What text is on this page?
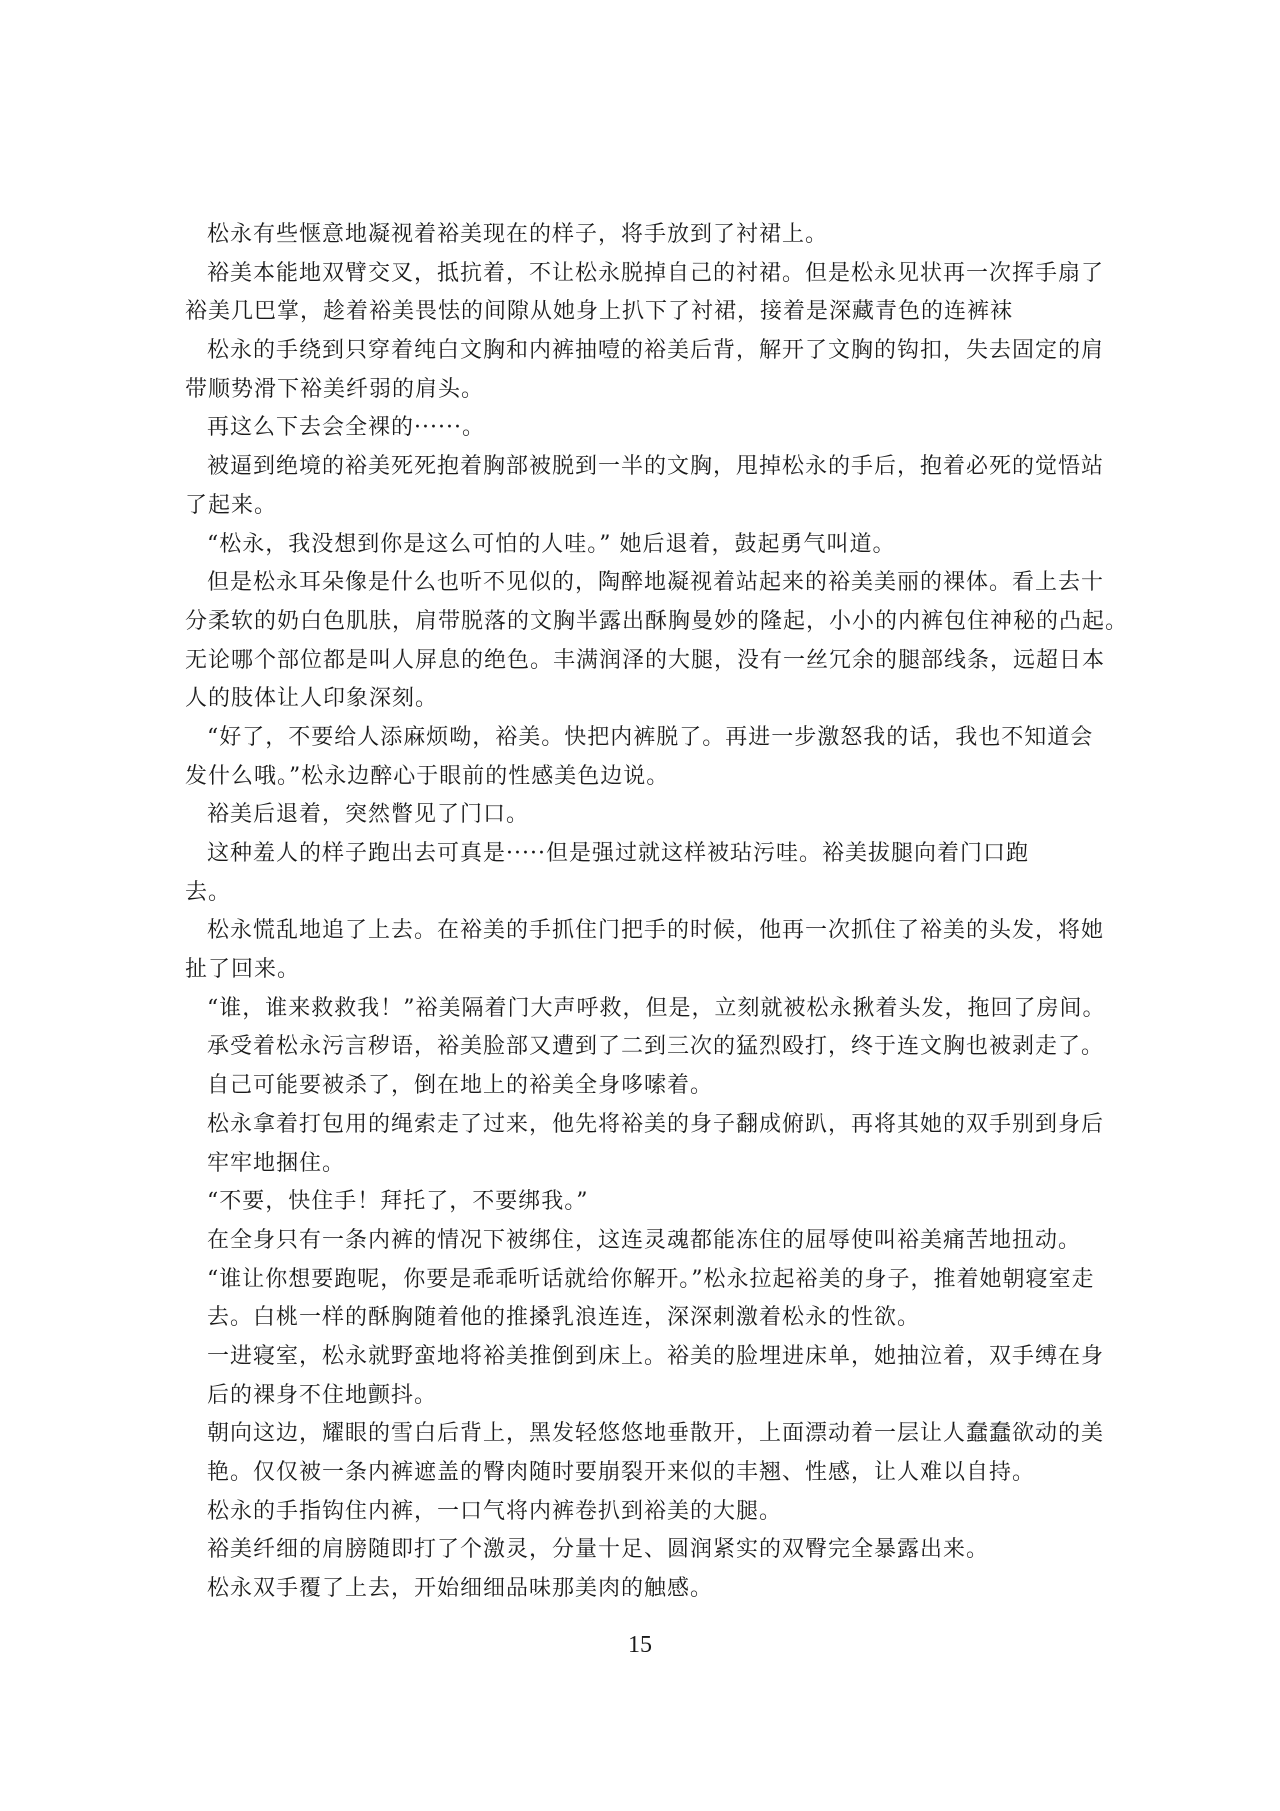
松永有些惬意地凝视着裕美现在的样子，将手放到了衬裙上。
裕美本能地双臂交叉，抵抗着，不让松永脱掉自己的衬裙。但是松永见状再一次挥手扇了
裕美几巴掌，趁着裕美畏怯的间隙从她身上扒下了衬裙，接着是深藏青色的连裤袜
松永的手绕到只穿着纯白文胸和内裤抽噎的裕美后背，解开了文胸的钩扣，失去固定的肩
带顺势滑下裕美纤弱的肩头。
再这么下去会全裸的······。
被逼到绝境的裕美死死抱着胸部被脱到一半的文胸，甩掉松永的手后，抱着必死的觉悟站
了起来。
“松永，我没想到你是这么可怕的人哇。” 她后退着，鼓起勇气叫道。
但是松永耳朵像是什么也听不见似的，陶醉地凝视着站起来的裕美美丽的裸体。看上去十
分柔软的奶白色肌肤，肩带脱落的文胸半露出酥胸曼妙的隆起，小小的内裤包住神秘的凸起。
无论哪个部位都是叫人屏息的绝色。丰满润泽的大腿，没有一丝冗余的腿部线条，远超日本
人的肢体让人印象深刻。
“好了，不要给人添麻烦呦，裕美。快把内裤脱了。再进一步激怒我的话，我也不知道会
发什么哦。”松永边醉心于眼前的性感美色边说。
裕美后退着，突然瞥见了门口。
这种羞人的样子跑出去可真是·····但是强过就这样被玷污哇。裕美拔腿向着门口跑
去。
松永慌乱地追了上去。在裕美的手抓住门把手的时候，他再一次抓住了裕美的头发，将她
扯了回来。
“谁，谁来救救我！”裕美隔着门大声呼救，但是，立刻就被松永揪着头发，拖回了房间。
承受着松永污言秽语，裕美脸部又遭到了二到三次的猛烈殴打，终于连文胸也被剥走了。
自己可能要被杀了，倒在地上的裕美全身哆嗦着。
松永拿着打包用的绳索走了过来，他先将裕美的身子翻成俯趴，再将其她的双手别到身后
牢牢地捆住。
“不要，快住手！拜托了，不要绑我。”
在全身只有一条内裤的情况下被绑住，这连灵魂都能冻住的屈辱使叫裕美痛苦地扭动。
“谁让你想要跑呢，你要是乖乖听话就给你解开。”松永拉起裕美的身子，推着她朝寝室走
去。白桃一样的酥胸随着他的推搡乳浪连连，深深刺激着松永的性欲。
一进寝室，松永就野蛮地将裕美推倒到床上。裕美的脸埋进床单，她抽泣着，双手缚在身
后的裸身不住地颤抖。
朝向这边，耀眼的雪白后背上，黑发轻悠悠地垂散开，上面漂动着一层让人蠢蠢欲动的美
艳。仅仅被一条内裤遮盖的臀肉随时要崩裂开来似的丰翘、性感，让人难以自持。
松永的手指钩住内裤，一口气将内裤卷扒到裕美的大腿。
裕美纤细的肩膀随即打了个激灵，分量十足、圆润紧实的双臀完全暴露出来。
松永双手覆了上去，开始细细品味那美肉的触感。
15
